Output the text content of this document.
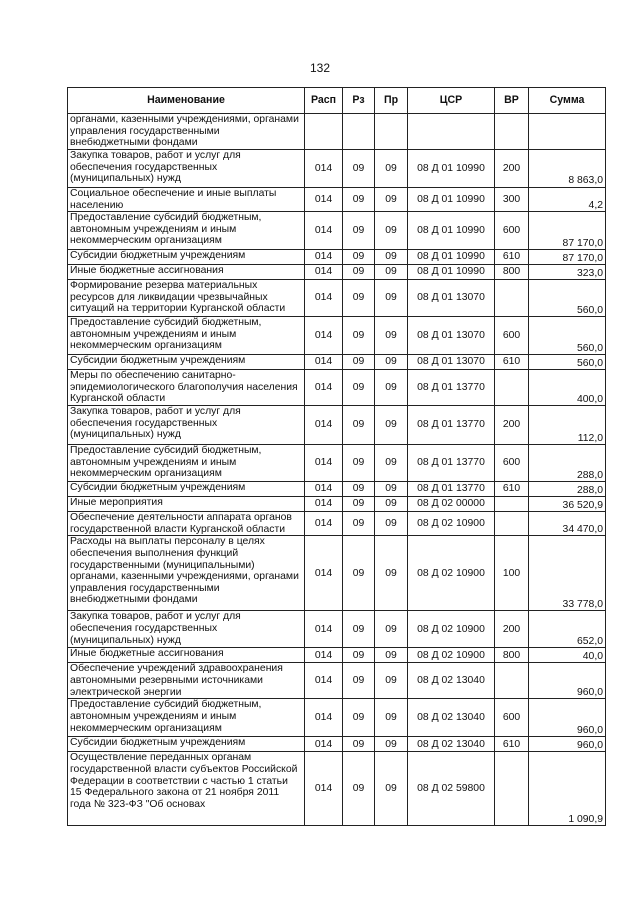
132
Наименование	Расп	Рз	Пр	ЦСР	ВР	Сумма
органами, казенными учреждениями, органами управления государственными внебюджетными фондами						
Закупка товаров, работ и услуг для обеспечения государственных (муниципальных) нужд	014	09	09	08 Д 01 10990	200	8 863,0
Социальное обеспечение и иные выплаты населению	014	09	09	08 Д 01 10990	300	4,2
Предоставление субсидий бюджетным, автономным учреждениям и иным некоммерческим организациям	014	09	09	08 Д 01 10990	600	87 170,0
Субсидии бюджетным учреждениям	014	09	09	08 Д 01 10990	610	87 170,0
Иные бюджетные ассигнования	014	09	09	08 Д 01 10990	800	323,0
Формирование резерва материальных ресурсов для ликвидации чрезвычайных ситуаций на территории Курганской области	014	09	09	08 Д 01 13070		560,0
Предоставление субсидий бюджетным, автономным учреждениям и иным некоммерческим организациям	014	09	09	08 Д 01 13070	600	560,0
Субсидии бюджетным учреждениям	014	09	09	08 Д 01 13070	610	560,0
Меры по обеспечению санитарно-эпидемиологического благополучия населения Курганской области	014	09	09	08 Д 01 13770		400,0
Закупка товаров, работ и услуг для обеспечения государственных (муниципальных) нужд	014	09	09	08 Д 01 13770	200	112,0
Предоставление субсидий бюджетным, автономным учреждениям и иным некоммерческим организациям	014	09	09	08 Д 01 13770	600	288,0
Субсидии бюджетным учреждениям	014	09	09	08 Д 01 13770	610	288,0
Иные мероприятия	014	09	09	08 Д 02 00000		36 520,9
Обеспечение деятельности аппарата органов государственной власти Курганской области	014	09	09	08 Д 02 10900		34 470,0
Расходы на выплаты персоналу в целях обеспечения выполнения функций государственными (муниципальными) органами, казенными учреждениями, органами управления государственными внебюджетными фондами	014	09	09	08 Д 02 10900	100	33 778,0
Закупка товаров, работ и услуг для обеспечения государственных (муниципальных) нужд	014	09	09	08 Д 02 10900	200	652,0
Иные бюджетные ассигнования	014	09	09	08 Д 02 10900	800	40,0
Обеспечение учреждений здравоохранения автономными резервными источниками электрической энергии	014	09	09	08 Д 02 13040		960,0
Предоставление субсидий бюджетным, автономным учреждениям и иным некоммерческим организациям	014	09	09	08 Д 02 13040	600	960,0
Субсидии бюджетным учреждениям	014	09	09	08 Д 02 13040	610	960,0
Осуществление переданных органам государственной власти субъектов Российской Федерации в соответствии с частью 1 статьи 15 Федерального закона от 21 ноября 2011 года № 323-ФЗ "Об основах	014	09	09	08 Д 02 59800		1 090,9
